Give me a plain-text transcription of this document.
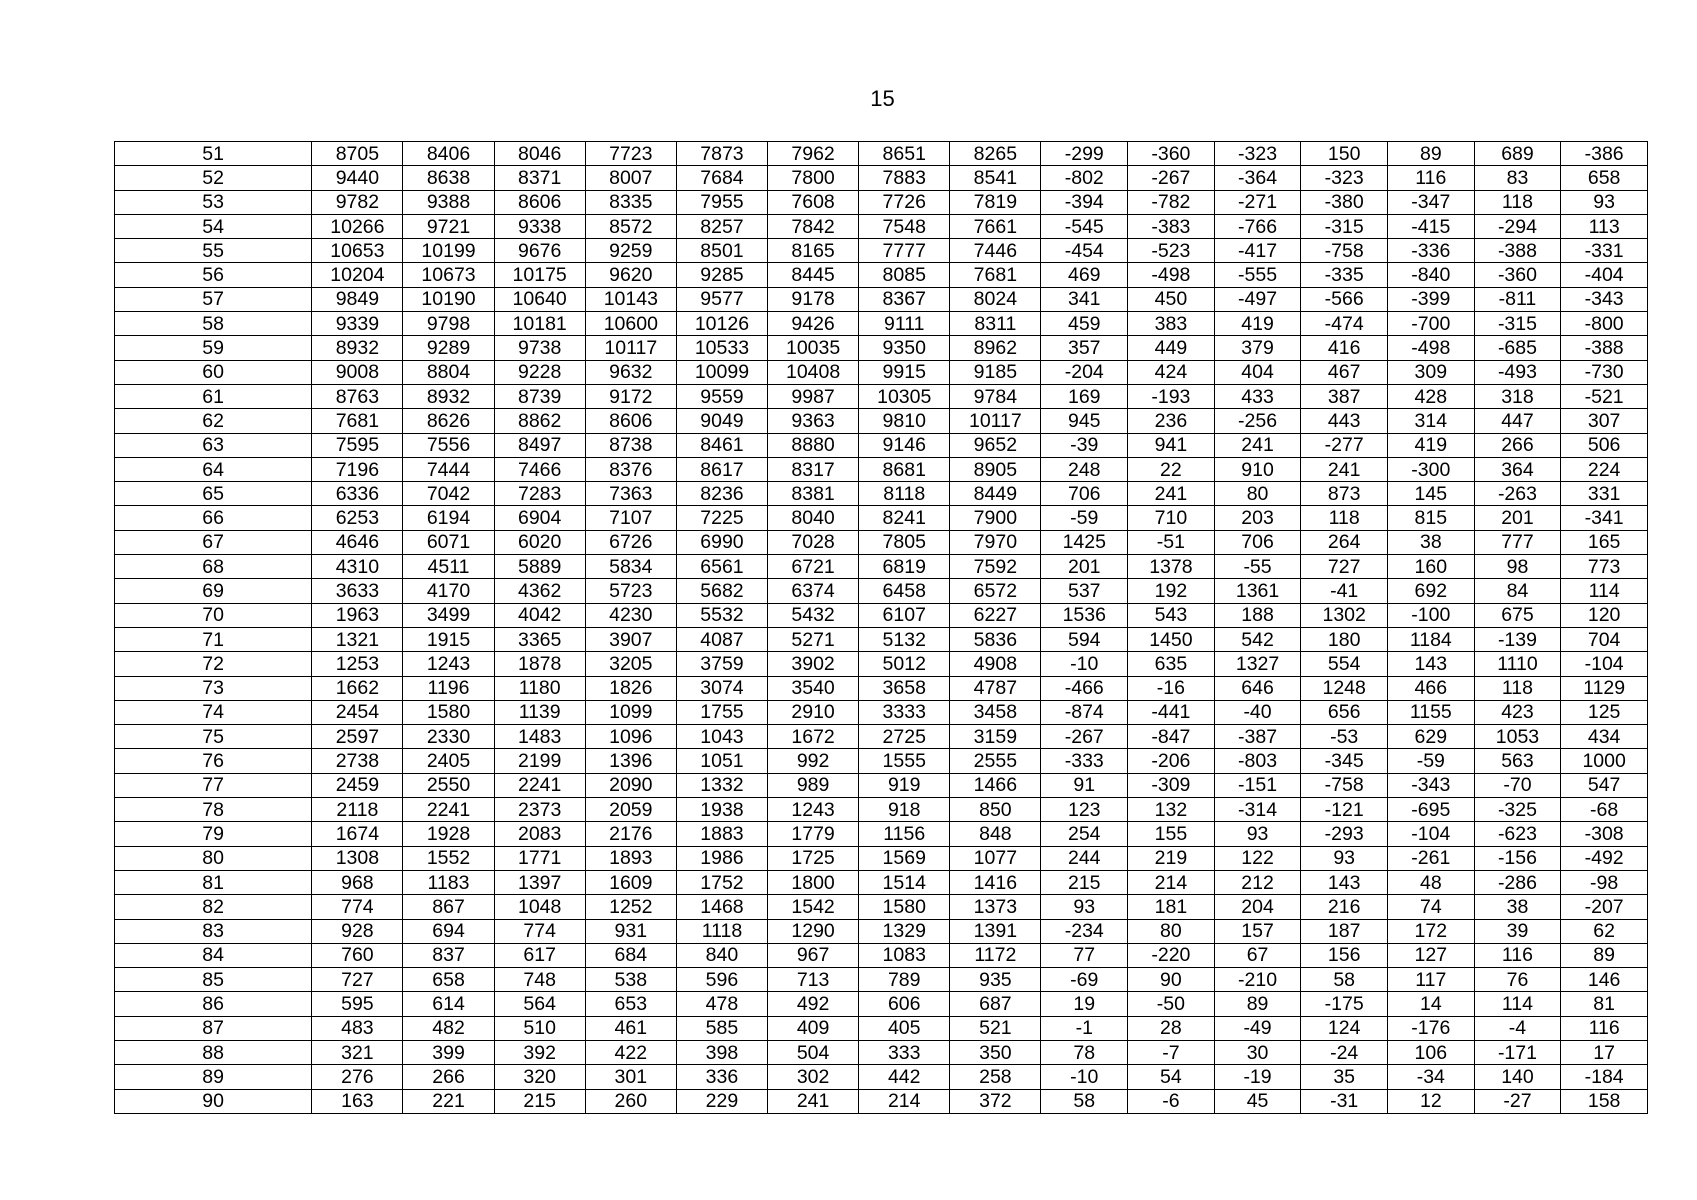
15
51	8705	8406	8046	7723	7873	7962	8651	8265	-299	-360	-323	150	89	689	-386
52	9440	8638	8371	8007	7684	7800	7883	8541	-802	-267	-364	-323	116	83	658
53	9782	9388	8606	8335	7955	7608	7726	7819	-394	-782	-271	-380	-347	118	93
54	10266	9721	9338	8572	8257	7842	7548	7661	-545	-383	-766	-315	-415	-294	113
55	10653	10199	9676	9259	8501	8165	7777	7446	-454	-523	-417	-758	-336	-388	-331
56	10204	10673	10175	9620	9285	8445	8085	7681	469	-498	-555	-335	-840	-360	-404
57	9849	10190	10640	10143	9577	9178	8367	8024	341	450	-497	-566	-399	-811	-343
58	9339	9798	10181	10600	10126	9426	9111	8311	459	383	419	-474	-700	-315	-800
59	8932	9289	9738	10117	10533	10035	9350	8962	357	449	379	416	-498	-685	-388
60	9008	8804	9228	9632	10099	10408	9915	9185	-204	424	404	467	309	-493	-730
61	8763	8932	8739	9172	9559	9987	10305	9784	169	-193	433	387	428	318	-521
62	7681	8626	8862	8606	9049	9363	9810	10117	945	236	-256	443	314	447	307
63	7595	7556	8497	8738	8461	8880	9146	9652	-39	941	241	-277	419	266	506
64	7196	7444	7466	8376	8617	8317	8681	8905	248	22	910	241	-300	364	224
65	6336	7042	7283	7363	8236	8381	8118	8449	706	241	80	873	145	-263	331
66	6253	6194	6904	7107	7225	8040	8241	7900	-59	710	203	118	815	201	-341
67	4646	6071	6020	6726	6990	7028	7805	7970	1425	-51	706	264	38	777	165
68	4310	4511	5889	5834	6561	6721	6819	7592	201	1378	-55	727	160	98	773
69	3633	4170	4362	5723	5682	6374	6458	6572	537	192	1361	-41	692	84	114
70	1963	3499	4042	4230	5532	5432	6107	6227	1536	543	188	1302	-100	675	120
71	1321	1915	3365	3907	4087	5271	5132	5836	594	1450	542	180	1184	-139	704
72	1253	1243	1878	3205	3759	3902	5012	4908	-10	635	1327	554	143	1110	-104
73	1662	1196	1180	1826	3074	3540	3658	4787	-466	-16	646	1248	466	118	1129
74	2454	1580	1139	1099	1755	2910	3333	3458	-874	-441	-40	656	1155	423	125
75	2597	2330	1483	1096	1043	1672	2725	3159	-267	-847	-387	-53	629	1053	434
76	2738	2405	2199	1396	1051	992	1555	2555	-333	-206	-803	-345	-59	563	1000
77	2459	2550	2241	2090	1332	989	919	1466	91	-309	-151	-758	-343	-70	547
78	2118	2241	2373	2059	1938	1243	918	850	123	132	-314	-121	-695	-325	-68
79	1674	1928	2083	2176	1883	1779	1156	848	254	155	93	-293	-104	-623	-308
80	1308	1552	1771	1893	1986	1725	1569	1077	244	219	122	93	-261	-156	-492
81	968	1183	1397	1609	1752	1800	1514	1416	215	214	212	143	48	-286	-98
82	774	867	1048	1252	1468	1542	1580	1373	93	181	204	216	74	38	-207
83	928	694	774	931	1118	1290	1329	1391	-234	80	157	187	172	39	62
84	760	837	617	684	840	967	1083	1172	77	-220	67	156	127	116	89
85	727	658	748	538	596	713	789	935	-69	90	-210	58	117	76	146
86	595	614	564	653	478	492	606	687	19	-50	89	-175	14	114	81
87	483	482	510	461	585	409	405	521	-1	28	-49	124	-176	-4	116
88	321	399	392	422	398	504	333	350	78	-7	30	-24	106	-171	17
89	276	266	320	301	336	302	442	258	-10	54	-19	35	-34	140	-184
90	163	221	215	260	229	241	214	372	58	-6	45	-31	12	-27	158
